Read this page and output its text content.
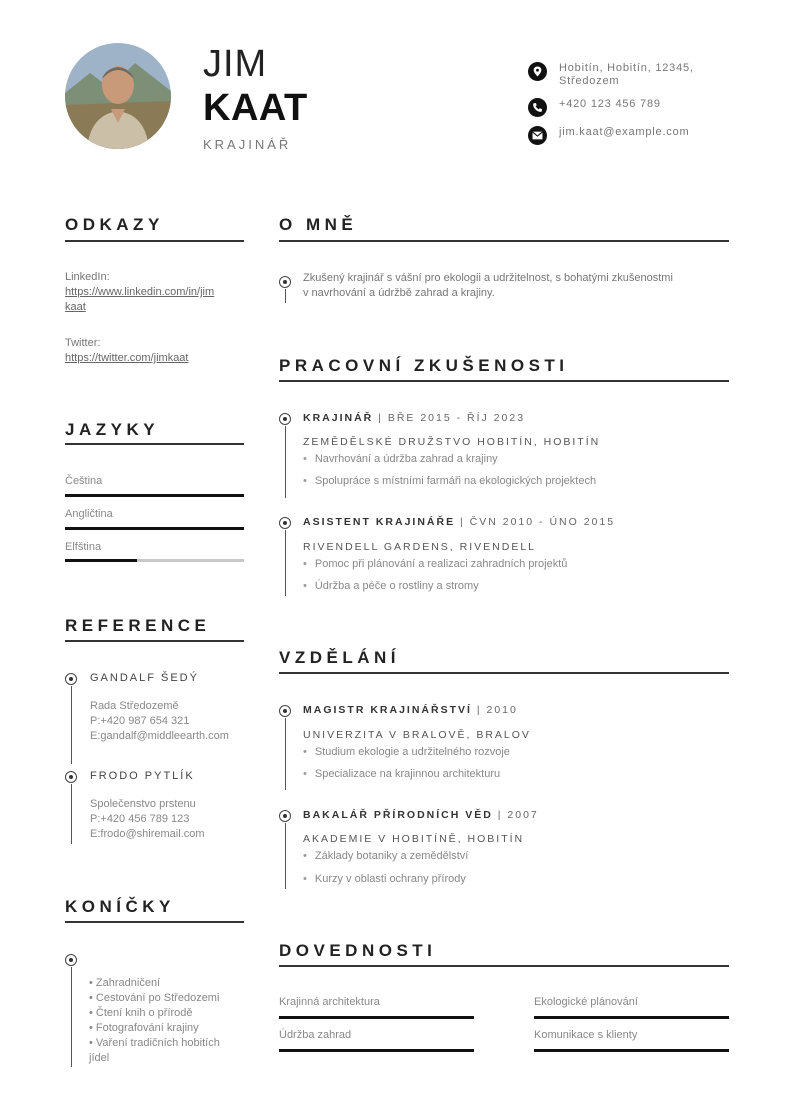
JIM
KAAT
KRAJINÁŘ
Hobitín, Hobitín, 12345,
Středozem
+420 123 456 789
jim.kaat@example.com
ODKAZY
LinkedIn:
https://www.linkedin.com/in/jim
kaat
Twitter:
https://twitter.com/jimkaat
JAZYKY
Čeština
Angličtina
Elfština
REFERENCE
GANDALF ŠEDÝ
Rada Středozemě
P:+420 987 654 321
E:gandalf@middleearth.com
FRODO PYTLÍK
Společenstvo prstenu
P:+420 456 789 123
E:frodo@shiremail.com
KONÍČKY
• Zahradničení
• Cestování po Středozemi
• Čtení knih o přírodě
• Fotografování krajiny
• Vaření tradičních hobitích
jídel
O MNĚ
Zkušený krajinář s vášní pro ekologii a udržitelnost, s bohatými zkušenostmi
v navrhování a údržbě zahrad a krajiny.
PRACOVNÍ ZKUŠENOSTI
KRAJINÁŘ | BŘE 2015 - ŘÍJ 2023
ZEMĚDĚLSKÉ DRUŽSTVO HOBITÍN, HOBITÍN
• Navrhování a údržba zahrad a krajiny
• Spolupráce s místními farmáři na ekologických projektech
ASISTENT KRAJINÁŘE | ČVN 2010 - ÚNO 2015
RIVENDELL GARDENS, RIVENDELL
• Pomoc při plánování a realizaci zahradních projektů
• Údržba a péče o rostliny a stromy
VZDĚLÁNÍ
MAGISTR KRAJINÁŘSTVÍ | 2010
UNIVERZITA V BRALOVĚ, BRALOV
• Studium ekologie a udržitelného rozvoje
• Specializace na krajinnou architekturu
BAKALÁŘ PŘÍRODNÍCH VĚD | 2007
AKADEMIE V HOBITÍNĚ, HOBITÍN
• Základy botaniky a zemědělství
• Kurzy v oblasti ochrany přírody
DOVEDNOSTI
Krajinná architektura	Ekologické plánování
Údržba zahrad	Komunikace s klienty
